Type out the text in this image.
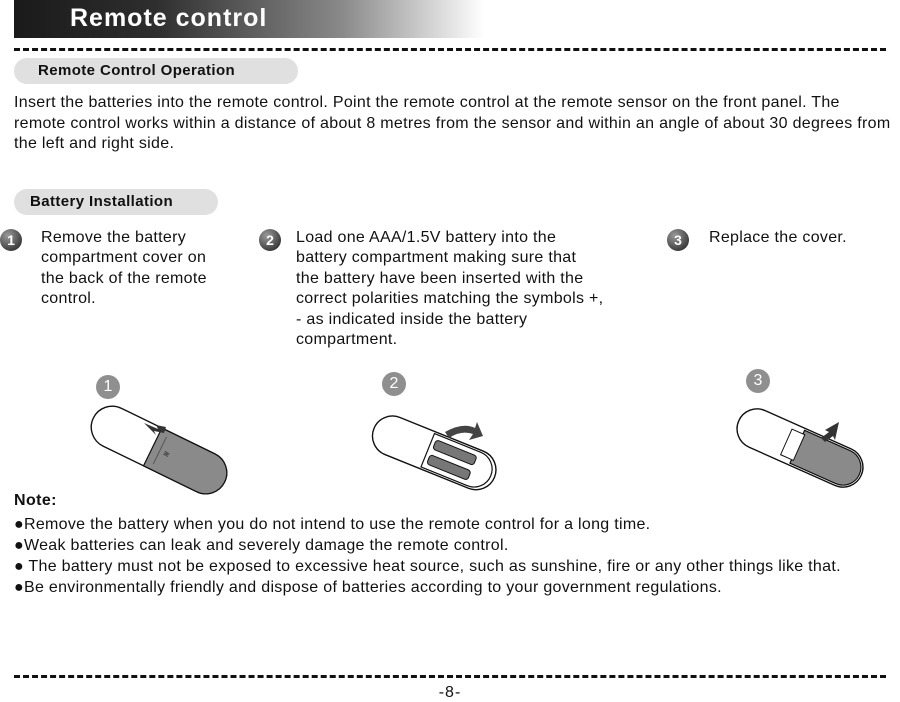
Remote control
Remote Control Operation
Insert the batteries into the remote control. Point the remote control at the remote sensor on the front panel. The remote control works within a distance of about 8 metres from the sensor and within an angle of about 30 degrees from the left and right side.
Battery Installation
1	Remove the battery
compartment cover on
the back of the remote
control.
2	Load one AAA/1.5V battery into the
battery compartment making sure that
the battery have been inserted with the
correct polarities matching the symbols +,
- as indicated inside the battery
compartment.
3	Replace the cover.
1	2	3
≋
Note:
●Remove the battery when you do not intend to use the remote control for a long time.
●Weak batteries can leak and severely damage the remote control.
● The battery must not be exposed to excessive heat source, such as sunshine, fire or any other things like that.
●Be environmentally friendly and dispose of batteries according to your government regulations.
-8-
